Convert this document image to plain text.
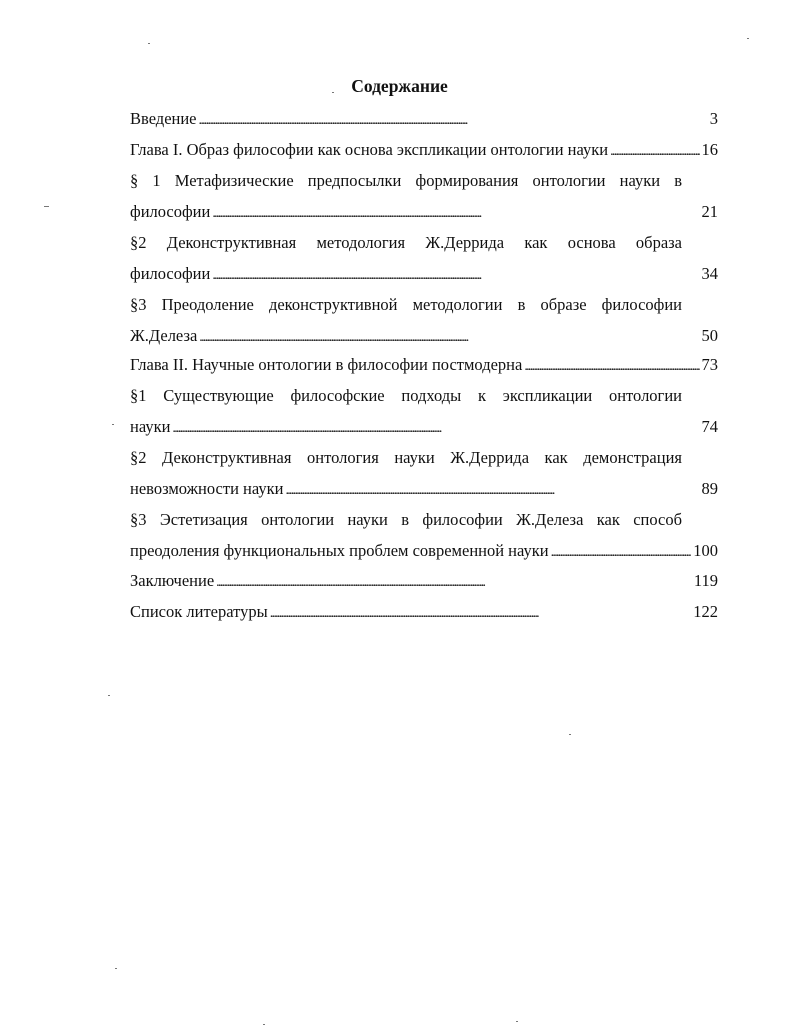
Содержание
Введение . . .	3
Глава I. Образ философии как основа экспликации онтологии науки . . .	16
§ 1 Метафизические предпосылки формирования онтологии науки в
философии . . .	21
§2 Деконструктивная методология Ж.Деррида как основа образа
философии . . .	34
§3 Преодоление деконструктивной методологии в образе философии
Ж.Делеза . . .	50
Глава II. Научные онтологии в философии постмодерна . . .	73
§1 Существующие философские подходы к экспликации онтологии
науки . . .	74
§2 Деконструктивная онтология науки Ж.Деррида как демонстрация
невозможности науки . . .	89
§3 Эстетизация онтологии науки в философии Ж.Делеза как способ
преодоления функциональных проблем современной науки . . .	100
Заключение . . .	119
Список литературы . . .	122
